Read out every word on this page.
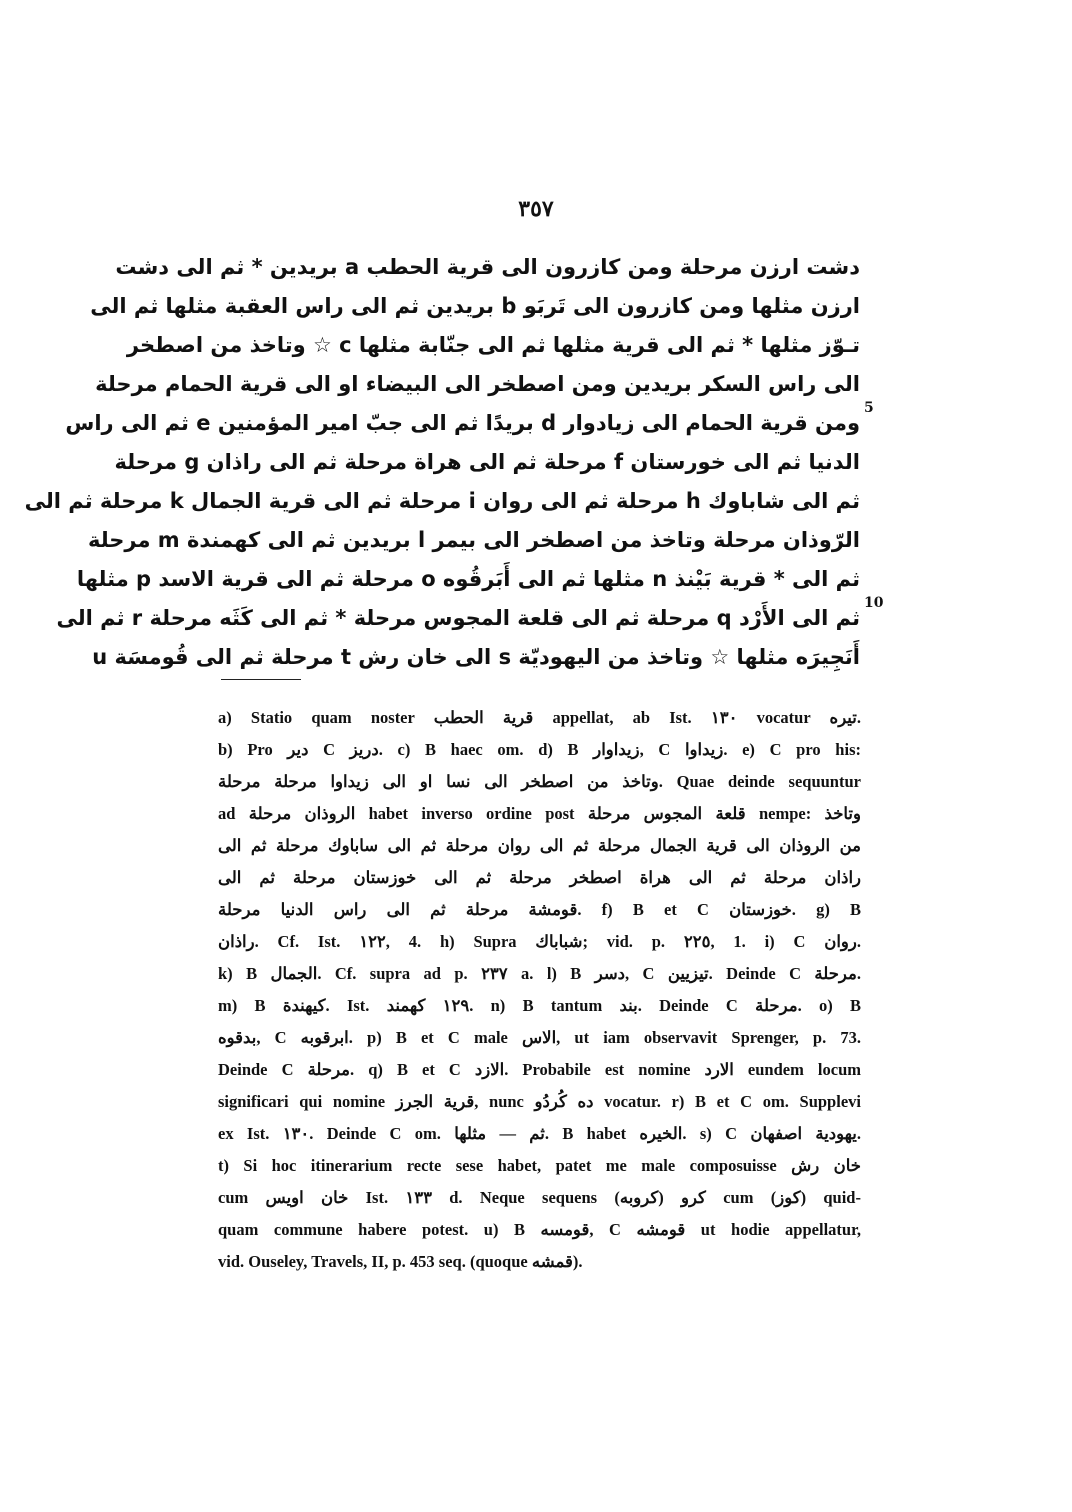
٣٥٧
دشت ارزن مرحلة ومن كازرون الى قرية الحطب a بريدين * ثم الى دشت
ارزن مثلها ومن كازرون الى تَربَو b بريدين ثم الى راس العقبة مثلها ثم الى
تـوّز مثلها * ثم الى قرية مثلها ثم الى جنّابة مثلها c ☆ وتاخذ من اصطخر
الى راس السكر بريدين ومن اصطخر الى البيضاء او الى قرية الحمام مرحلة
ومن قرية الحمام الى زيادوار d بريدًا ثم الى جبّ امير المؤمنين e ثم الى راس
الدنيا ثم الى خورستان f مرحلة ثم الى هراة مرحلة ثم الى راذان g مرحلة
ثم الى شاباوك h مرحلة ثم الى روان i مرحلة ثم الى قرية الجمال k مرحلة ثم الى
الرّوذان مرحلة وتاخذ من اصطخر الى بيمر l بريدين ثم الى كهمندة m مرحلة
ثم الى * قرية بَيْنذ n مثلها ثم الى أَبَرقُوه o مرحلة ثم الى قرية الاسد p مثلها
ثم الى الأَرْد q مرحلة ثم الى قلعة المجوس مرحلة * ثم الى كَثَه مرحلة r ثم الى
أَنَجِيرَه مثلها ☆ وتاخذ من اليهوديّة s الى خان رش t مرحلة ثم الى قُومسَة u
5
10
a) Statio quam noster قرية الحطب appellat, ab Ist. ١٣٠ vocatur تيره.
b) Pro دير C دريز. c) B haec om. d) B زيداوار, C زيداوا. e) C pro his:
وتاخذ من اصطخر الى نسا او الى زيداوا مرحلة مرحلة. Quae deinde sequuntur
ad الروذان مرحلة habet inverso ordine post قلعة المجوس مرحلة nempe: وتاخذ
من الروذان الى قرية الجمال مرحلة ثم الى روان مرحلة ثم الى ساباوك مرحلة ثم الى
راذان مرحلة ثم الى هراة اصطخر مرحلة ثم الى خوزستان مرحلة ثم الى
قومشة مرحلة ثم الى راس الدنيا مرحلة. f) B et C خوزستان. g) B
راذان. Cf. Ist. ١٢٢, 4. h) Supra شباباك; vid. p. ٢٢٥, 1. i) C روان.
k) B الجمال. Cf. supra ad p. ٢٣٧ a. l) B دسر, C تيزيين. Deinde C مرحلة.
m) B كيهندة. Ist. ١٢٩ كهمند. n) B tantum بند. Deinde C مرحلة. o) B
بدقوه, C ابرقوبه. p) B et C male الاس, ut iam observavit Sprenger, p. 73.
Deinde C مرحلة. q) B et C الازد. Probabile est nomine الارد eundem locum
significari qui nomine قرية الجرز, nunc ده كُردُو vocatur. r) B et C om. Supplevi
ex Ist. ١٣٠. Deinde C om. ثم — مثلها. B habet الخيره. s) C يهودية اصفهان.
t) Si hoc itinerarium recte sese habet, patet me male composuisse خان رش
cum خان اويس Ist. ١٣٣ d. Neque sequens (كرو (كروبه cum (كوز) quid-
quam commune habere potest. u) B قومسه, C قومشه ut hodie appellatur,
vid. Ouseley, Travels, II, p. 453 seq. (quoque قمشه).
